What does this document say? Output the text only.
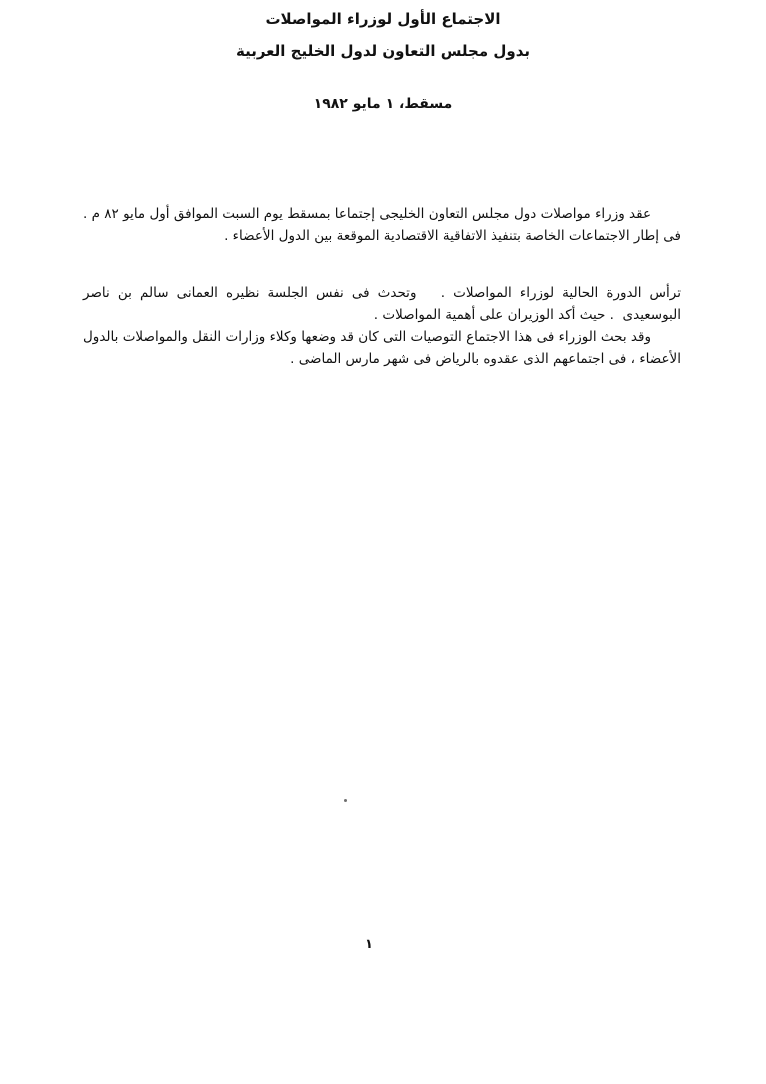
الاجتماع الأول لوزراء المواصلات
بدول مجلس التعاون لدول الخليج العربية
مسقط، ١ مايو ١٩٨٢

عقد وزراء مواصلات دول مجلس التعاون الخليجى إجتماعا بمسقط يوم السبت الموافق أول مايو ٨٢ م . فى إطار الاجتماعات الخاصة بتنفيذ الاتفاقية الاقتصادية الموقعة بين الدول الأعضاء .

ترأس الدورة الحالية لوزراء المواصلات .   وتحدث فى نفس الجلسة نظيره العمانى سالم بن ناصر البوسعيدى  . حيث أكد الوزيران على أهمية المواصلات .

وقد بحث الوزراء فى هذا الاجتماع التوصيات التى كان قد وضعها وكلاء وزارات النقل والمواصلات بالدول الأعضاء ، فى اجتماعهم الذى عقدوه بالرياض فى شهر مارس الماضى .

١
